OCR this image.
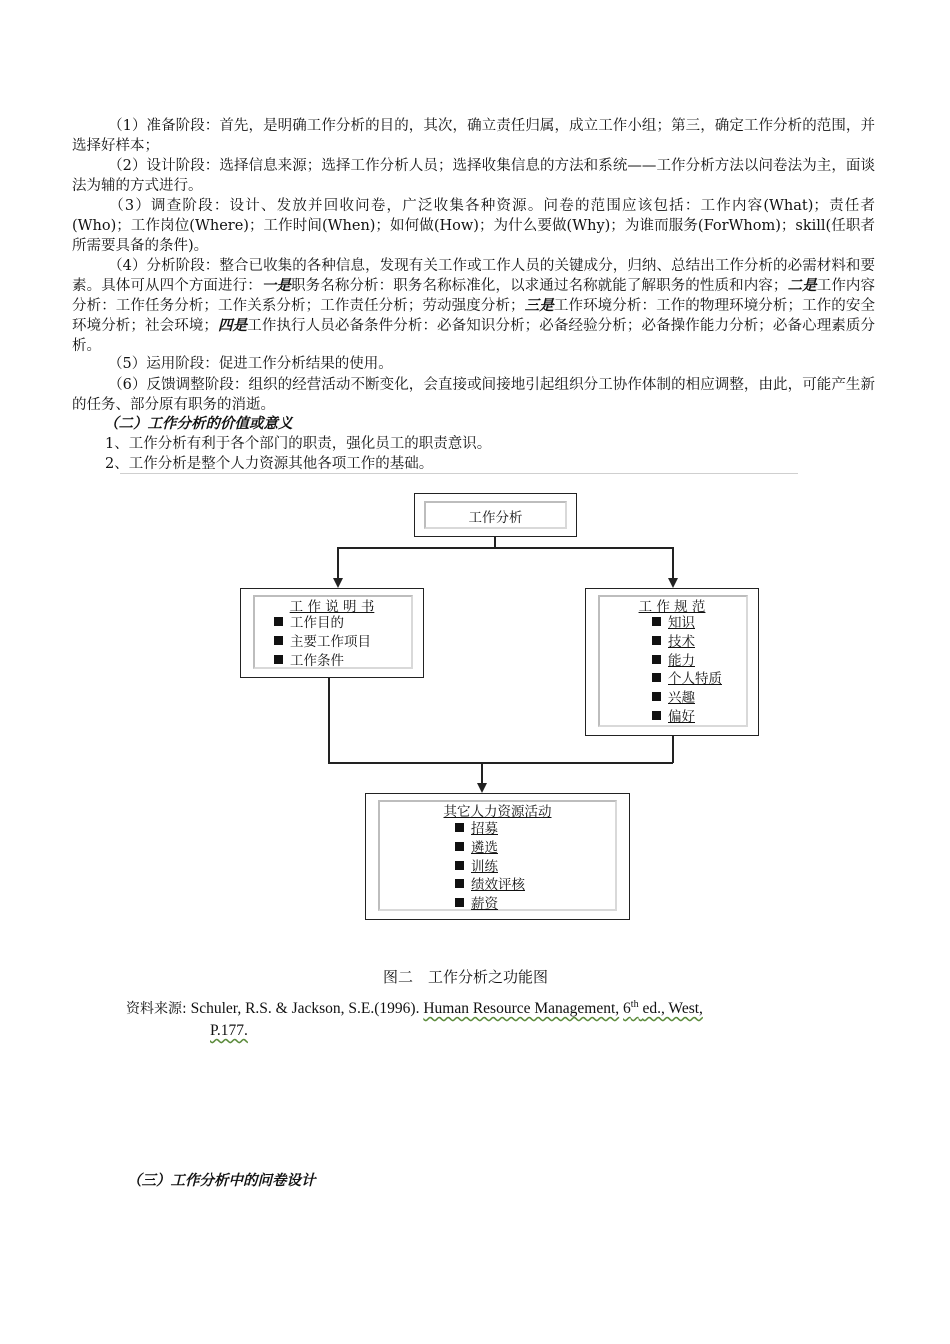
（1）准备阶段：首先，是明确工作分析的目的，其次，确立责任归属，成立工作小组；第三，确定工作分析的范围，并选择好样本；

（2）设计阶段：选择信息来源；选择工作分析人员；选择收集信息的方法和系统——工作分析方法以问卷法为主，面谈法为辅的方式进行。

（3）调查阶段：设计、发放并回收问卷，广泛收集各种资源。问卷的范围应该包括：工作内容(What)；责任者(Who)；工作岗位(Where)；工作时间(When)；如何做(How)；为什么要做(Why)；为谁而服务(ForWhom)；skill(任职者所需要具备的条件)。

（4）分析阶段：整合已收集的各种信息，发现有关工作或工作人员的关键成分，归纳、总结出工作分析的必需材料和要素。具体可从四个方面进行：一是职务名称分析：职务名称标准化，以求通过名称就能了解职务的性质和内容；二是工作内容分析：工作任务分析；工作关系分析；工作责任分析；劳动强度分析；三是工作环境分析：工作的物理环境分析；工作的安全环境分析；社会环境；四是工作执行人员必备条件分析：必备知识分析；必备经验分析；必备操作能力分析；必备心理素质分析。

（5）运用阶段：促进工作分析结果的使用。

（6）反馈调整阶段：组织的经营活动不断变化，会直接或间接地引起组织分工协作体制的相应调整，由此，可能产生新的任务、部分原有职务的消逝。

（二）工作分析的价值或意义
1、工作分析有利于各个部门的职责，强化员工的职责意识。
2、工作分析是整个人力资源其他各项工作的基础。
工作分析
工 作 说 明 书
工作目的
主要工作项目
工作条件
工 作 规 范
知识
技术
能力
个人特质
兴趣
偏好
其它人力资源活动
招募
遴选
训练
绩效评核
薪资
图二　工作分析之功能图
资料来源: Schuler, R.S. & Jackson, S.E.(1996). Human Resource Management, 6th ed., West,
P.177.
（三）工作分析中的问卷设计
